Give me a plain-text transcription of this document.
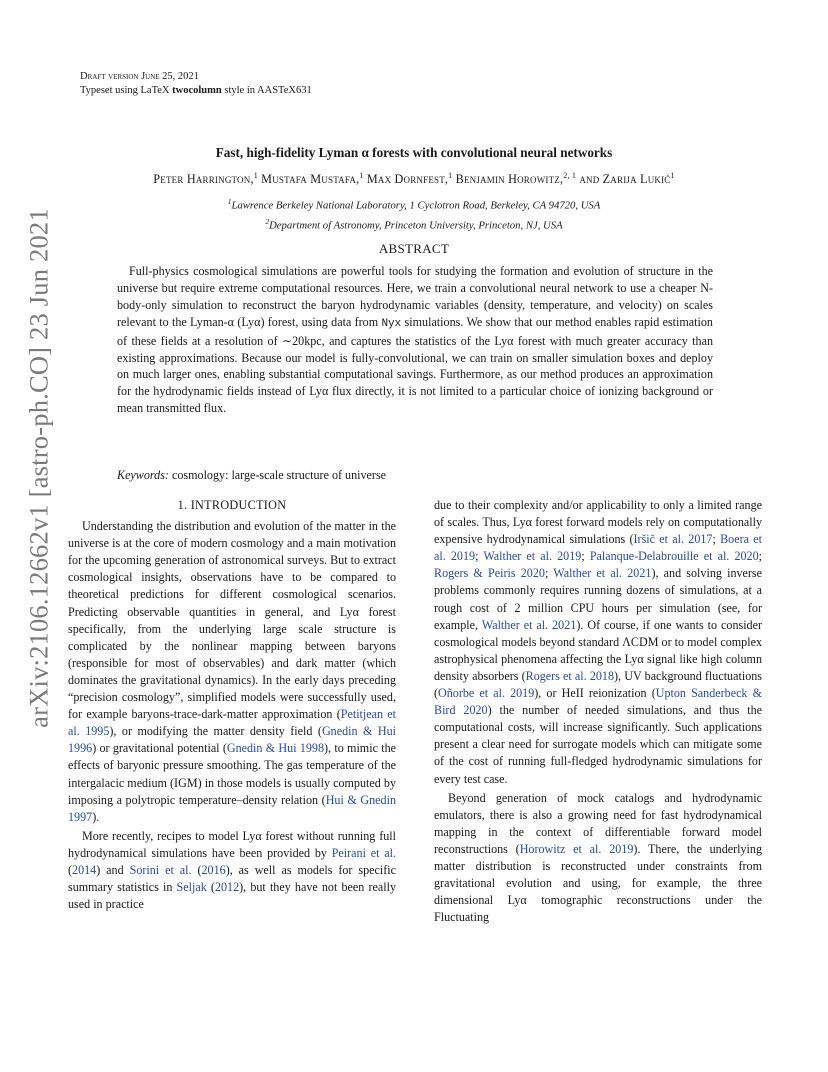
Draft version June 25, 2021
Typeset using LaTeX twocolumn style in AASTeX631
arXiv:2106.12662v1 [astro-ph.CO] 23 Jun 2021
Fast, high-fidelity Lyman α forests with convolutional neural networks
Peter Harrington,$^1$ Mustafa Mustafa,$^1$ Max Dornfest,$^1$ Benjamin Horowitz,$^{2, 1}$ and Zarija Lukić$^1$
$^1$Lawrence Berkeley National Laboratory, 1 Cyclotron Road, Berkeley, CA 94720, USA
$^2$Department of Astronomy, Princeton University, Princeton, NJ, USA
ABSTRACT
Full-physics cosmological simulations are powerful tools for studying the formation and evolution of structure in the universe but require extreme computational resources. Here, we train a convolutional neural network to use a cheaper N-body-only simulation to reconstruct the baryon hydrodynamic variables (density, temperature, and velocity) on scales relevant to the Lyman-α (Lyα) forest, using data from Nyx simulations. We show that our method enables rapid estimation of these fields at a resolution of ∼20kpc, and captures the statistics of the Lyα forest with much greater accuracy than existing approximations. Because our model is fully-convolutional, we can train on smaller simulation boxes and deploy on much larger ones, enabling substantial computational savings. Furthermore, as our method produces an approximation for the hydrodynamic fields instead of Lyα flux directly, it is not limited to a particular choice of ionizing background or mean transmitted flux.
Keywords: cosmology: large-scale structure of universe
1. INTRODUCTION

Understanding the distribution and evolution of the matter in the universe is at the core of modern cosmology and a main motivation for the upcoming generation of astronomical surveys. But to extract cosmological insights, observations have to be compared to theoretical predictions for different cosmological scenarios. Predicting observable quantities in general, and Lyα forest specifically, from the underlying large scale structure is complicated by the nonlinear mapping between baryons (responsible for most of observables) and dark matter (which dominates the gravitational dynamics). In the early days preceding “precision cosmology”, simplified models were successfully used, for example baryons-trace-dark-matter approximation (Petitjean et al. 1995), or modifying the matter density field (Gnedin & Hui 1996) or gravitational potential (Gnedin & Hui 1998), to mimic the effects of baryonic pressure smoothing. The gas temperature of the intergalacic medium (IGM) in those models is usually computed by imposing a polytropic temperature–density relation (Hui & Gnedin 1997).

More recently, recipes to model Lyα forest without running full hydrodynamical simulations have been provided by Peirani et al. (2014) and Sorini et al. (2016), as well as models for specific summary statistics in Seljak (2012), but they have not been really used in practice

due to their complexity and/or applicability to only a limited range of scales. Thus, Lyα forest forward models rely on computationally expensive hydrodynamical simulations (Iršič et al. 2017; Boera et al. 2019; Walther et al. 2019; Palanque-Delabrouille et al. 2020; Rogers & Peiris 2020; Walther et al. 2021), and solving inverse problems commonly requires running dozens of simulations, at a rough cost of 2 million CPU hours per simulation (see, for example, Walther et al. 2021). Of course, if one wants to consider cosmological models beyond standard ΛCDM or to model complex astrophysical phenomena affecting the Lyα signal like high column density absorbers (Rogers et al. 2018), UV background fluctuations (Oñorbe et al. 2019), or HeII reionization (Upton Sanderbeck & Bird 2020) the number of needed simulations, and thus the computational costs, will increase significantly. Such applications present a clear need for surrogate models which can mitigate some of the cost of running full-fledged hydrodynamic simulations for every test case.

Beyond generation of mock catalogs and hydrodynamic emulators, there is also a growing need for fast hydrodynamical mapping in the context of differentiable forward model reconstructions (Horowitz et al. 2019). There, the underlying matter distribution is reconstructed under constraints from gravitational evolution and using, for example, the three dimensional Lyα tomographic reconstructions under the Fluctuating
